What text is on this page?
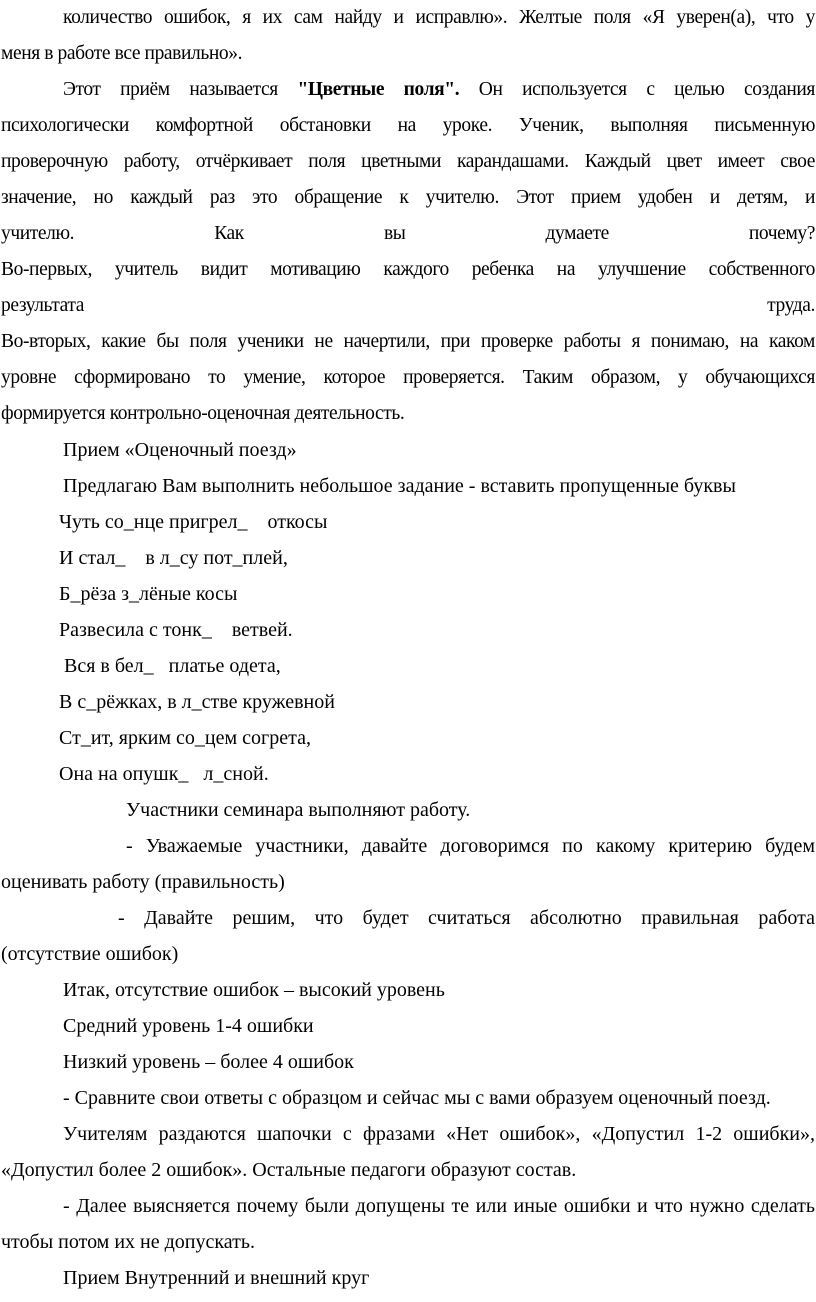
количество ошибок, я их сам найду и исправлю». Желтые поля «Я уверен(а), что у
меня в работе все правильно».
Этот приём называется "Цветные поля". Он используется с целью создания
психологически комфортной обстановки на уроке. Ученик, выполняя письменную
проверочную работу, отчёркивает поля цветными карандашами. Каждый цвет имеет свое
значение, но каждый раз это обращение к учителю. Этот прием удобен и детям, и
учителю. Как вы думаете почему?
Во-первых, учитель видит мотивацию каждого ребенка на улучшение собственного
результата труда.
Во-вторых, какие бы поля ученики не начертили, при проверке работы я понимаю, на каком
уровне сформировано то умение, которое проверяется. Таким образом, у обучающихся
формируется контрольно-оценочная деятельность.
Прием «Оценочный поезд»
Предлагаю Вам выполнить небольшое задание - вставить пропущенные буквы
Чуть со_нце пригрел_    откосы
И стал_    в л_су пот_плей,
Б_рёза з_лёные косы
Развесила с тонк_    ветвей.
Вся в бел_   платье одета,
В с_рёжках, в л_стве кружевной
Ст_ит, ярким со_цем согрета,
Она на опушк_   л_сной.
Участники семинара выполняют работу.
- Уважаемые участники, давайте договоримся по какому критерию будем
оценивать работу (правильность)
- Давайте решим, что будет считаться абсолютно правильная работа
(отсутствие ошибок)
Итак, отсутствие ошибок – высокий уровень
Средний уровень 1-4 ошибки
Низкий уровень – более 4 ошибок
- Сравните свои ответы с образцом и сейчас мы с вами образуем оценочный поезд.
Учителям раздаются шапочки с фразами «Нет ошибок», «Допустил 1-2 ошибки»,
«Допустил более 2 ошибок». Остальные педагоги образуют состав.
- Далее выясняется почему были допущены те или иные ошибки и что нужно сделать
чтобы потом их не допускать.
Прием Внутренний и внешний круг
